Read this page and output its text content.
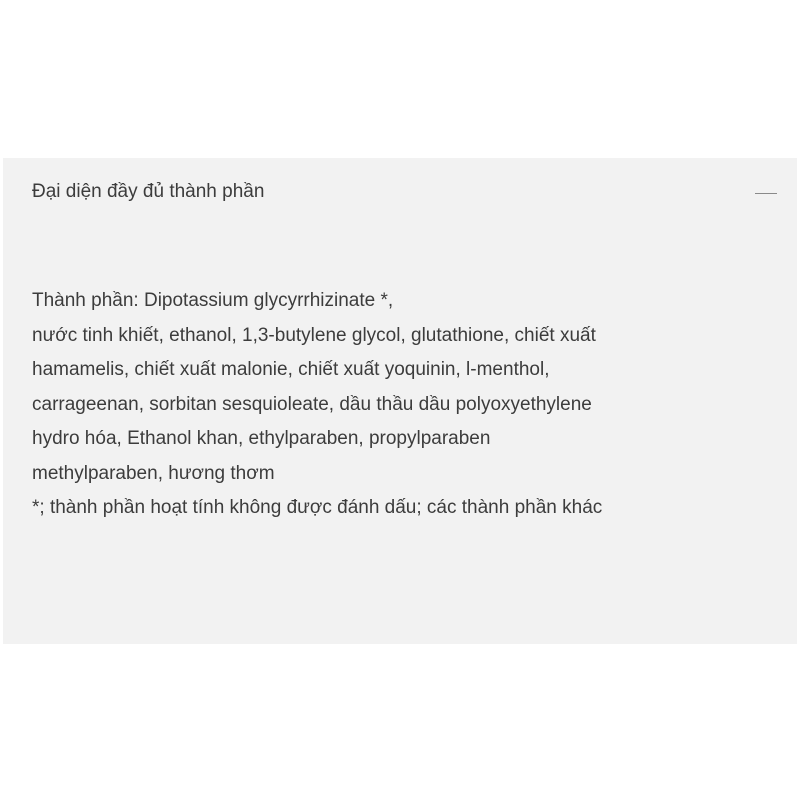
Đại diện đầy đủ thành phần
Thành phần: Dipotassium glycyrrhizinate *,
nước tinh khiết, ethanol, 1,3-butylene glycol, glutathione, chiết xuất
hamamelis, chiết xuất malonie, chiết xuất yoquinin, l-menthol,
carrageenan, sorbitan sesquioleate, dầu thầu dầu polyoxyethylene
hydro hóa, Ethanol khan, ethylparaben, propylparaben
methylparaben, hương thơm
*; thành phần hoạt tính không được đánh dấu; các thành phần khác
